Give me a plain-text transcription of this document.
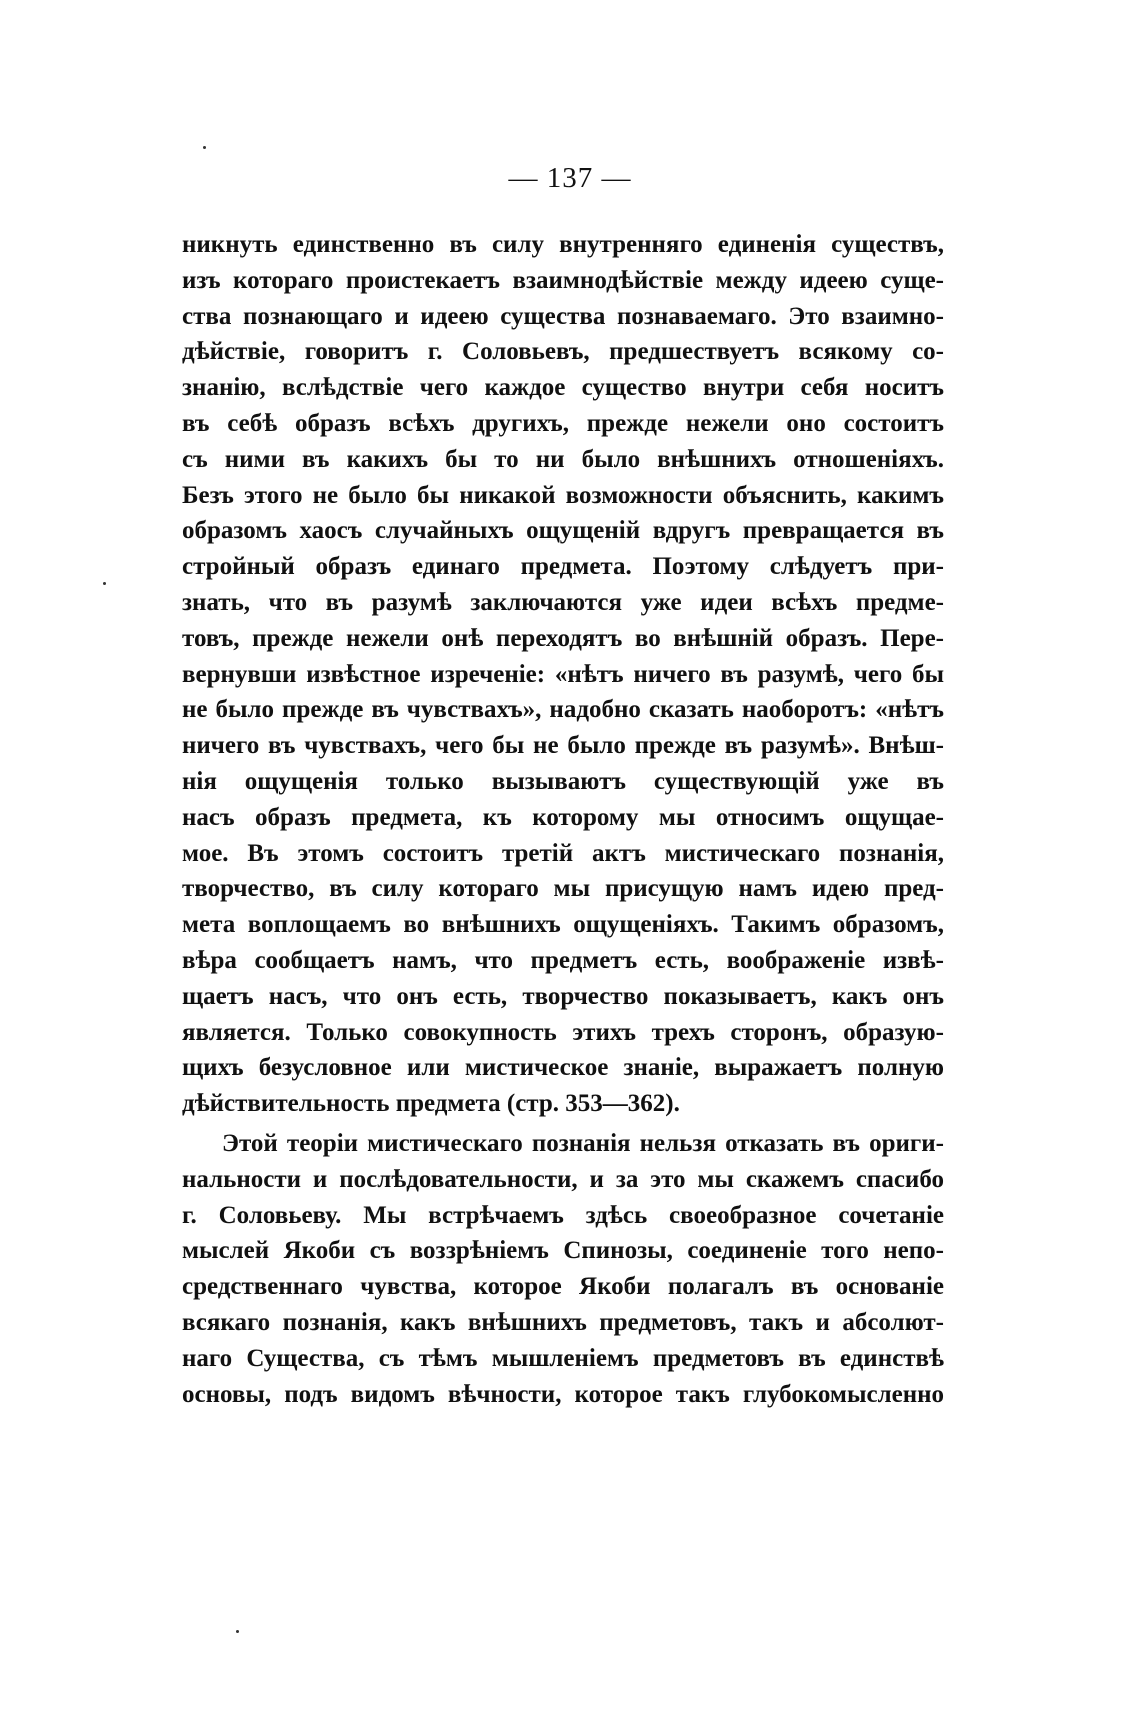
— 137 —
никнуть единственно въ силу внутренняго единенія существъ,
изъ котораго проистекаетъ взаимнодѣйствіе между идеею суще-
ства познающаго и идеею существа познаваемаго. Это взаимно-
дѣйствіе, говоритъ г. Соловьевъ, предшествуетъ всякому со-
знанію, вслѣдствіе чего каждое существо внутри себя носитъ
въ себѣ образъ всѣхъ другихъ, прежде нежели оно состоитъ
съ ними въ какихъ бы то ни было внѣшнихъ отношеніяхъ.
Безъ этого не было бы никакой возможности объяснить, какимъ
образомъ хаосъ случайныхъ ощущеній вдругъ превращается въ
стройный образъ единаго предмета. Поэтому слѣдуетъ при-
знать, что въ разумѣ заключаются уже идеи всѣхъ предме-
товъ, прежде нежели онѣ переходятъ во внѣшній образъ. Пере-
вернувши извѣстное изреченіе: «нѣтъ ничего въ разумѣ, чего бы
не было прежде въ чувствахъ», надобно сказать наоборотъ: «нѣтъ
ничего въ чувствахъ, чего бы не было прежде въ разумѣ». Внѣш-
нія ощущенія только вызываютъ существующій уже въ
насъ образъ предмета, къ которому мы относимъ ощущае-
мое. Въ этомъ состоитъ третій актъ мистическаго познанія,
творчество, въ силу котораго мы присущую намъ идею пред-
мета воплощаемъ во внѣшнихъ ощущеніяхъ. Такимъ образомъ,
вѣра сообщаетъ намъ, что предметъ есть, воображеніе извѣ-
щаетъ насъ, что онъ есть, творчество показываетъ, какъ онъ
является. Только совокупность этихъ трехъ сторонъ, образую-
щихъ безусловное или мистическое знаніе, выражаетъ полную
дѣйствительность предмета (стр. 353—362).
Этой теоріи мистическаго познанія нельзя отказать въ ориги-
нальности и послѣдовательности, и за это мы скажемъ спасибо
г. Соловьеву. Мы встрѣчаемъ здѣсь своеобразное сочетаніе
мыслей Якоби съ воззрѣніемъ Спинозы, соединеніе того непо-
средственнаго чувства, которое Якоби полагалъ въ основаніе
всякаго познанія, какъ внѣшнихъ предметовъ, такъ и абсолют-
наго Существа, съ тѣмъ мышленіемъ предметовъ въ единствѣ
основы, подъ видомъ вѣчности, которое такъ глубокомысленно
